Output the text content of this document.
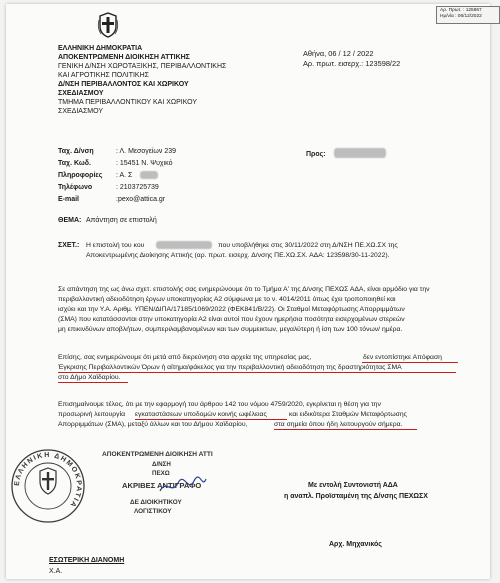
Αρ. Πρωτ. : 125867
Ημ/νία : 06/12/2022
ΕΛΛΗΝΙΚΗ ΔΗΜΟΚΡΑΤΙΑ
ΑΠΟΚΕΝΤΡΩΜΕΝΗ ΔΙΟΙΚΗΣΗ ΑΤΤΙΚΗΣ
ΓΕΝΙΚΗ Δ/ΝΣΗ ΧΩΡΟΤΑΞΙΚΗΣ, ΠΕΡΙΒΑΛΛΟΝΤΙΚΗΣ
ΚΑΙ ΑΓΡΟΤΙΚΗΣ ΠΟΛΙΤΙΚΗΣ
Δ/ΝΣΗ ΠΕΡΙΒΑΛΛΟΝΤΟΣ ΚΑΙ ΧΩΡΙΚΟΥ
ΣΧΕΔΙΑΣΜΟΥ
ΤΜΗΜΑ ΠΕΡΙΒΑΛΛΟΝΤΙΚΟΥ ΚΑΙ ΧΩΡΙΚΟΥ
ΣΧΕΔΙΑΣΜΟΥ
Αθήνα, 06 / 12 / 2022
Αρ. πρωτ. εισερχ.: 123598/22
Ταχ. Δ/νση	: Λ. Μεσογείων 239
Ταχ. Κωδ.	: 15451 Ν. Ψυχικό
Πληροφορίες : Α. Σ
Τηλέφωνο	: 2103725739
E-mail	:pexo@attica.gr
Προς:
ΘΕΜΑ: Απάντηση σε επιστολή
ΣΧΕΤ.: Η επιστολή του κου	που υποβλήθηκε στις 30/11/2022 στη Δ/ΝΣΗ ΠΕ.ΧΩ.ΣΧ της
Αποκεντρωμένης Διοίκησης Αττικής (αρ. πρωτ. εισερχ. Δ/νσης ΠΕ.ΧΩ.ΣΧ. ΑΔΑ: 123598/30-11-2022).
Σε απάντηση της ως άνω σχετ. επιστολής σας ενημερώνουμε ότι το Τμήμα Α' της Δ/νσης ΠΕΧΩΣ ΑΔΑ, είναι αρμόδιο για την
περιβαλλοντική αδειοδότηση έργων υποκατηγορίας Α2 σύμφωνα με το ν. 4014/2011 όπως έχει τροποποιηθεί και
ισχύει και την Υ.Α. Αριθμ. ΥΠΕΝ/ΔΙΠΑ/17185/1069/2022 (ΦΕΚ841/Β/22). Οι Σταθμοί Μεταφόρτωσης Απορριμμάτων
(ΣΜΑ) που κατατάσσονται στην υποκατηγορία Α2 είναι αυτοί που έχουν ημερήσια ποσότητα εισερχομένων στερεών
μη επικινδύνων αποβλήτων, συμπεριλαμβανομένων και των συμμεικτων, μεγαλύτερη ή ίση των 100 τόνων/ ημέρα.
Επίσης, σας ενημερώνουμε ότι μετά από διερεύνηση στα αρχεία της υπηρεσίας μας,	δεν εντοπίστηκε Απόφαση
Έγκρισης Περιβαλλοντικών Όρων ή αίτημα/φάκελος για την περιβαλλοντική αδειοδότηση της δραστηριότητας ΣΜΑ
στο Δήμο Χαϊδαρίου.
Επισημαίνουμε τέλος, ότι με την εφαρμογή του άρθρου 142 του νόμου 4759/2020, εγκρίνεται η θέση για την
προσωρινή λειτουργία εγκαταστάσεων υποδομών κοινής ωφέλειας	και ειδικότερα Σταθμών Μεταφόρτωσης
Απορριμμάτων (ΣΜΑ), μεταξύ άλλων και του Δήμου Χαϊδαρίου,	στα σημεία όπου ήδη λειτουργούν σήμερα.
ΕΛΛΗΝΙΚΗ ΔΗΜΟΚΡΑΤΙΑ
ΑΠΟΚΕΝΤΡΩΜΕΝΗ ΔΙΟΙΚΗΣΗ ΑΤΤΙ
Δ/ΝΣΗ
ΠΕΧΩ
ΑΚΡΙΒΕΣ ΑΝΤΙΓΡΑΦΟ
ΔΕ ΔΙΟΙΚΗΤΙΚΟΥ
ΛΟΓΙΣΤΙΚΟΥ
Με εντολή Συντονιστή ΑΔΑ
η αναπλ. Προϊσταμένη της Δ/νσης ΠΕΧΩΣΧ
Αρχ. Μηχανικός
ΕΣΩΤΕΡΙΚΗ ΔΙΑΝΟΜΗ
Χ.Α.
